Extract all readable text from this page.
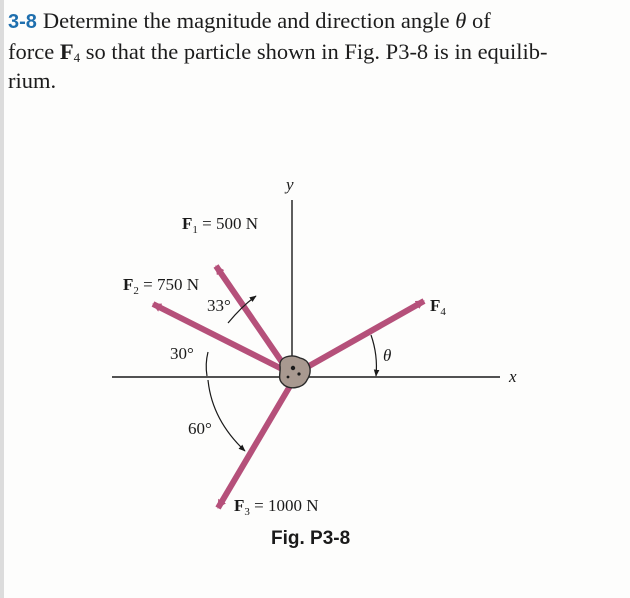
3-8 Determine the magnitude and direction angle θ of
force $F_4$ so that the particle shown in Fig. P3-8 is in equilib-
rium.
y
x
$F_1 = 500$ N
$F_2 = 750$ N
$F_3 = 1000$ N
$F_4$
33°
30°
60°
θ
Fig. P3-8
